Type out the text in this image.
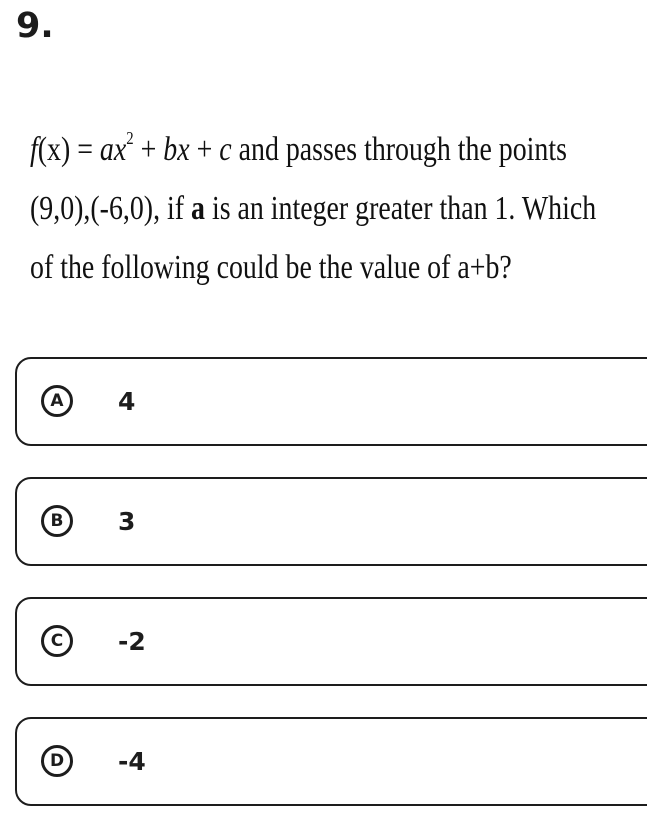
9.
$f(x) = ax^2$ + bx + c and passes through the points
(9,0),(-6,0), if a is an integer greater than 1. Which
of the following could be the value of a+b?
A	4
B	3
C	-2
D	-4
